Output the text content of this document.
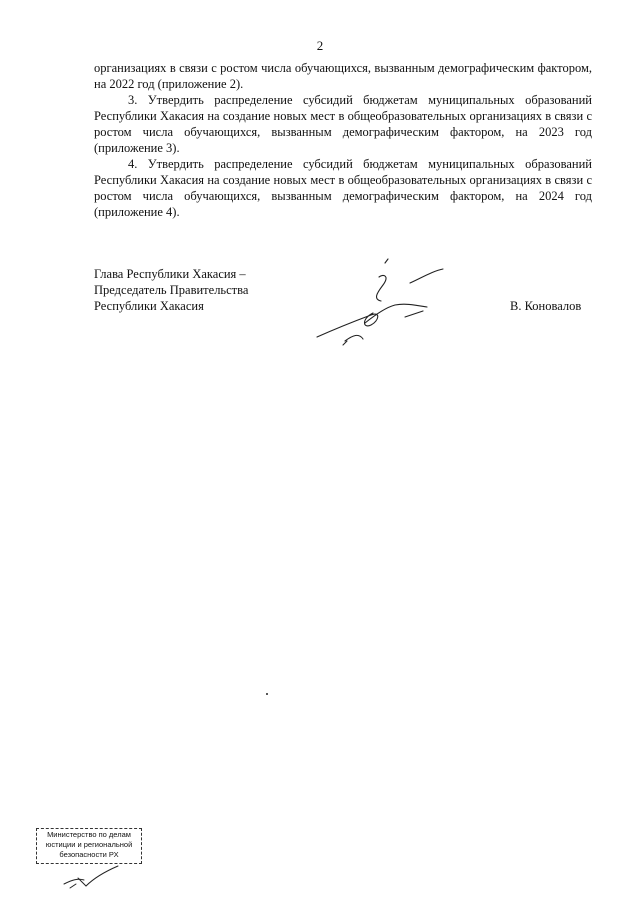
2

организациях в связи с ростом числа обучающихся, вызванным демографическим фактором, на 2022 год (приложение 2).

3. Утвердить распределение субсидий бюджетам муниципальных образований Республики Хакасия на создание новых мест в общеобразовательных организациях в связи с ростом числа обучающихся, вызванным демографическим фактором, на 2023 год (приложение 3).

4. Утвердить распределение субсидий бюджетам муниципальных образований Республики Хакасия на создание новых мест в общеобразовательных организациях в связи с ростом числа обучающихся, вызванным демографическим фактором, на 2024 год (приложение 4).

Глава Республики Хакасия –
Председатель Правительства
Республики Хакасия	В. Коновалов
Министерство по делам
юстиции и региональной
безопасности РХ
